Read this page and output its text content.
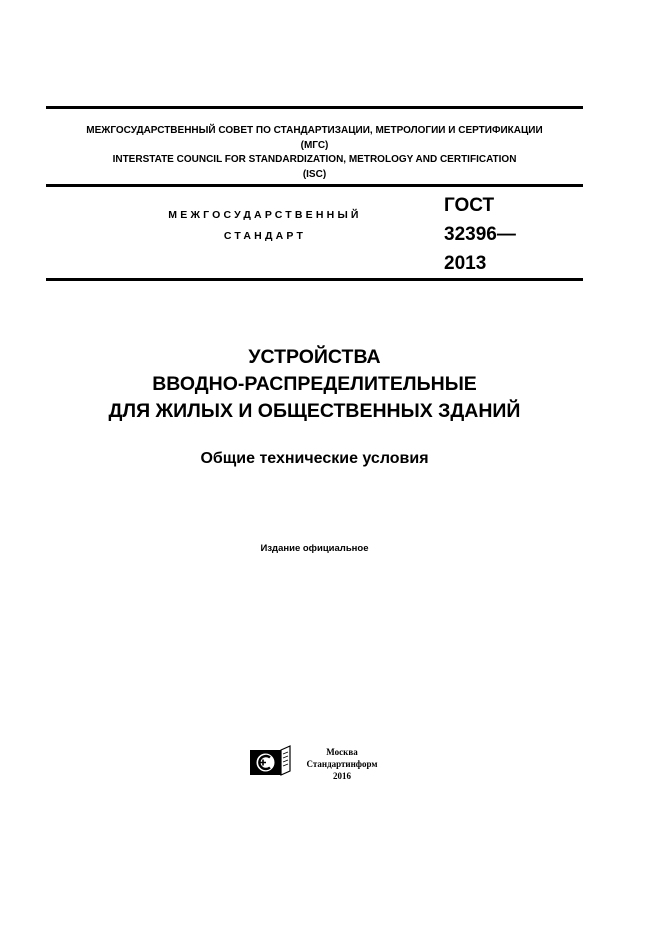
МЕЖГОСУДАРСТВЕННЫЙ СОВЕТ ПО СТАНДАРТИЗАЦИИ, МЕТРОЛОГИИ И СЕРТИФИКАЦИИ
(МГС)
INTERSTATE COUNCIL FOR STANDARDIZATION, METROLOGY AND CERTIFICATION
(ISC)
МЕЖГОСУДАРСТВЕННЫЙ
СТАНДАРТ
ГОСТ
32396—
2013
УСТРОЙСТВА
ВВОДНО-РАСПРЕДЕЛИТЕЛЬНЫЕ
ДЛЯ ЖИЛЫХ И ОБЩЕСТВЕННЫХ ЗДАНИЙ
Общие технические условия
Издание официальное
Москва
Стандартинформ
2016
